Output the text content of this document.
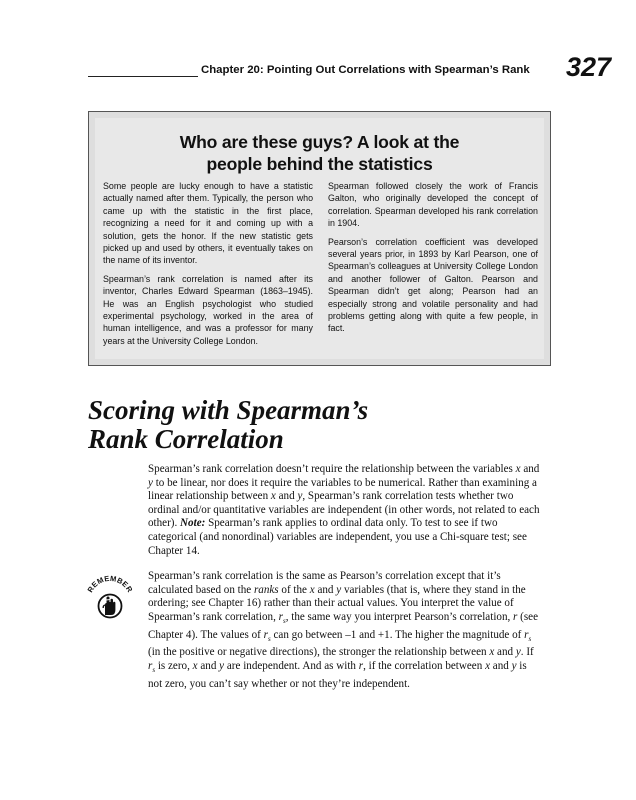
Chapter 20: Pointing Out Correlations with Spearman’s Rank 327
Who are these guys? A look at the
people behind the statistics

Some people are lucky enough to have a statistic actually named after them. Typically, the person who came up with the statistic in the first place, recognizing a need for it and coming up with a solution, gets the honor. If the new statistic gets picked up and used by others, it eventually takes on the name of its inventor.

Spearman’s rank correlation is named after its inventor, Charles Edward Spearman (1863–1945). He was an English psychologist who studied experimental psychology, worked in the area of human intelligence, and was a professor for many years at the University College London.

Spearman followed closely the work of Francis Galton, who originally developed the concept of correlation. Spearman developed his rank correlation in 1904.

Pearson’s correlation coefficient was developed several years prior, in 1893 by Karl Pearson, one of Spearman’s colleagues at University College London and another follower of Galton. Pearson and Spearman didn’t get along; Pearson had an especially strong and volatile personality and had problems getting along with quite a few people, in fact.

Scoring with Spearman’s
Rank Correlation

Spearman’s rank correlation doesn’t require the relationship between the variables x and y to be linear, nor does it require the variables to be numerical. Rather than examining a linear relationship between x and y, Spearman’s rank correlation tests whether two ordinal and/or quantitative variables are independent (in other words, not related to each other). Note: Spearman’s rank applies to ordinal data only. To test to see if two categorical (and nonordinal) variables are independent, you use a Chi-square test; see Chapter 14.

REMEMBER

Spearman’s rank correlation is the same as Pearson’s correlation except that it’s calculated based on the ranks of the x and y variables (that is, where they stand in the ordering; see Chapter 16) rather than their actual values. You interpret the value of Spearman’s rank correlation, $r_s$, the same way you interpret Pearson’s correlation, r (see Chapter 4). The values of $r_s$ can go between –1 and +1. The higher the magnitude of $r_s$ (in the positive or negative directions), the stronger the relationship between x and y. If $r_s$ is zero, x and y are independent. And as with r, if the correlation between x and y is not zero, you can’t say whether or not they’re independent.
